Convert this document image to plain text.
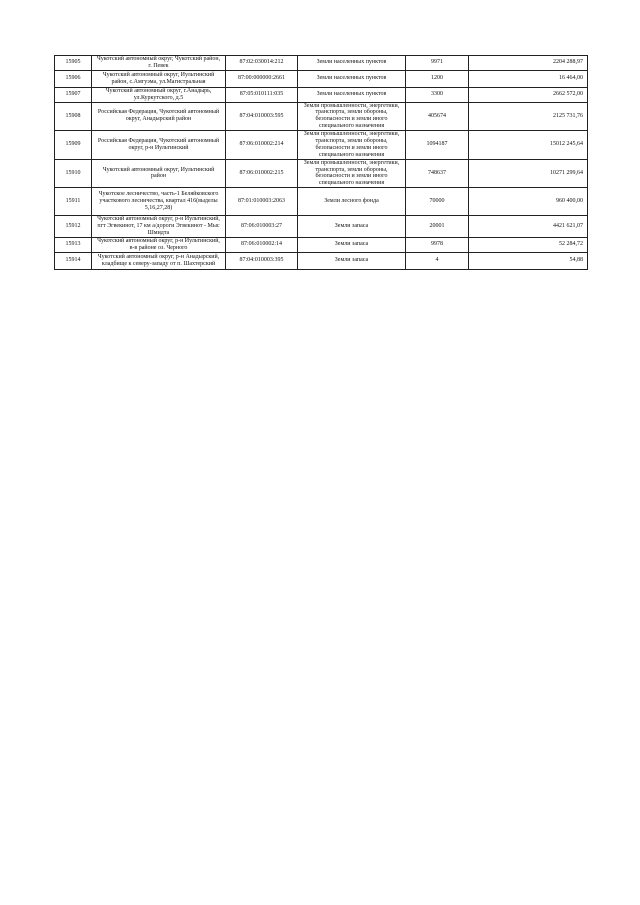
15905	Чукотский автономный округ, Чукотский район, г. Певек	87:02:030014:212	Земли населенных пунктов	9971	2204 288,97
15906	Чукотский автономный округ, Иультинский район, с.Амгуэма, ул.Магистральная	87:00:000000:2661	Земли населенных пунктов	1200	16 464,00
15907	Чукотский автономный округ, г.Анадырь, ул.Куркутского, д.5	87:05:010111:035	Земли населенных пунктов	3300	2662 572,00
15908	Российская Федерация, Чукотский автономный округ, Анадырский район	87:04:010003:595	Земли промышленности, энергетики, транспорта, земли обороны, безопасности и земли иного специального назначения	405674	2125 731,76
15909	Российская Федерация, Чукотский автономный округ, р-н Иультинский	87:06:010002:214	Земли промышленности, энергетики, транспорта, земли обороны, безопасности и земли иного специального назначения	1094187	15012 245,64
15910	Чукотский автономный округ, Иультинский район	87:06:010002:215	Земли промышленности, энергетики, транспорта, земли обороны, безопасности и земли иного специального назначения	748637	10271 299,64
15911	Чукотское лесничество, часть-1 Беляйковского участкового лесничества, квартал 416(выделы 5,16,27,28)	87:01:010003:2063	Земли лесного фонда	70000	960 400,00
15912	Чукотский автономный округ, р-н Иультинский, пгт Эгвекинот, 17 км а/дороги Эгвекинот - Мыс Шмидта	87:06:010003:27	Земли запаса	20001	4421 621,07
15913	Чукотский автономный округ, р-н Иультинский, в-в районе оз. Черного	87:06:010002:14	Земли запаса	9978	52 284,72
15914	Чукотский автономный округ, р-н Анадырский, кладбище к северу-западу от п. Шахтерский	87:04:010003:395	Земли запаса	4	54,88
